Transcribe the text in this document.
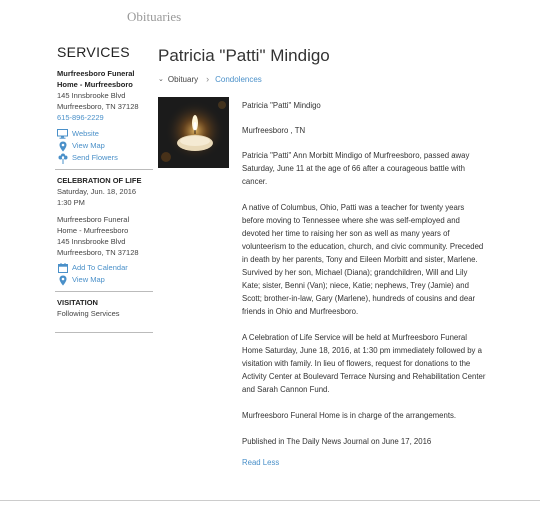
Obituaries
SERVICES
Murfreesboro Funeral Home - Murfreesboro
145 Innsbrooke Blvd
Murfreesboro, TN 37128
615-896-2229
Website
View Map
Send Flowers
CELEBRATION OF LIFE
Saturday, Jun. 18, 2016
1:30 PM
Murfreesboro Funeral Home - Murfreesboro
145 Innsbrooke Blvd
Murfreesboro, TN 37128
Add To Calendar
View Map
VISITATION
Following Services
Patricia "Patti" Mindigo
⌄ Obituary › Condolences

Patricia "Patti" Mindigo

Murfreesboro , TN

Patricia "Patti" Ann Morbitt Mindigo of Murfreesboro, passed away Saturday, June 11 at the age of 66 after a courageous battle with cancer.

A native of Columbus, Ohio, Patti was a teacher for twenty years before moving to Tennessee where she was self-employed and devoted her time to raising her son as well as many years of volunteerism to the education, church, and civic community. Preceded in death by her parents, Tony and Eileen Morbitt and sister, Marlene. Survived by her son, Michael (Diana); grandchildren, Will and Lily Kate; sister, Benni (Van); niece, Katie; nephews, Trey (Jamie) and Scott; brother-in-law, Gary (Marlene), hundreds of cousins and dear friends in Ohio and Murfreesboro.

A Celebration of Life Service will be held at Murfreesboro Funeral Home Saturday, June 18, 2016, at 1:30 pm immediately followed by a visitation with family. In lieu of flowers, request for donations to the Activity Center at Boulevard Terrace Nursing and Rehabilitation Center and Sarah Cannon Fund.

Murfreesboro Funeral Home is in charge of the arrangements.

Published in The Daily News Journal on June 17, 2016

Read Less
